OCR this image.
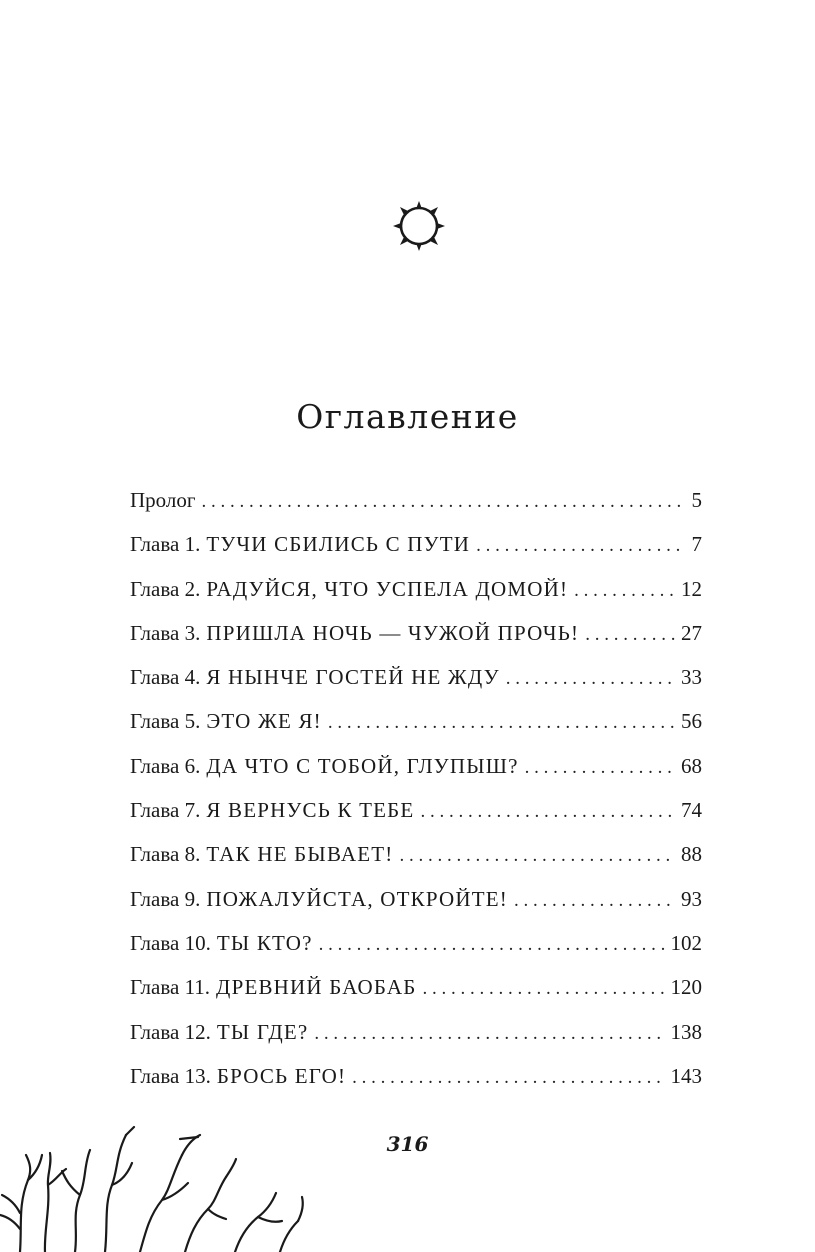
Оглавление
Пролог . . .	5
Глава 1. ТУЧИ СБИЛИСЬ С ПУТИ . . .	7
Глава 2. РАДУЙСЯ, ЧТО УСПЕЛА ДОМОЙ! . . .	12
Глава 3. ПРИШЛА НОЧЬ — ЧУЖОЙ ПРОЧЬ! . . .	27
Глава 4. Я НЫНЧЕ ГОСТЕЙ НЕ ЖДУ . . .	33
Глава 5. ЭТО ЖЕ Я! . . .	56
Глава 6. ДА ЧТО С ТОБОЙ, ГЛУПЫШ? . . .	68
Глава 7. Я ВЕРНУСЬ К ТЕБЕ . . .	74
Глава 8. ТАК НЕ БЫВАЕТ! . . .	88
Глава 9. ПОЖАЛУЙСТА, ОТКРОЙТЕ! . . .	93
Глава 10. ТЫ КТО? . . .	102
Глава 11. ДРЕВНИЙ БАОБАБ . . .	120
Глава 12. ТЫ ГДЕ? . . .	138
Глава 13. БРОСЬ ЕГО! . . .	143
316
